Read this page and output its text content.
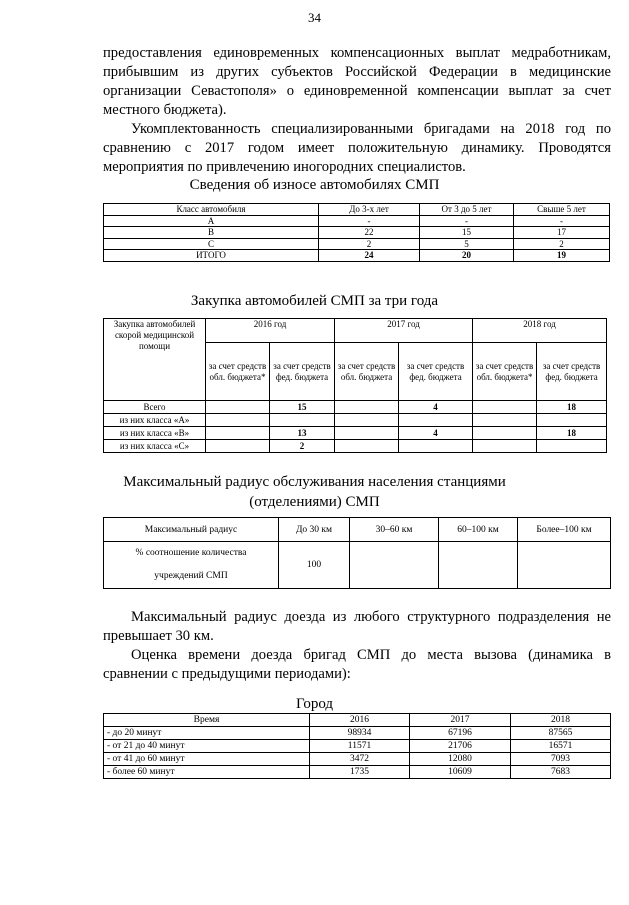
34

предоставления единовременных компенсационных выплат медработникам, прибывшим из других субъектов Российской Федерации в медицинские организации Севастополя» о единовременной компенсации выплат за счет местного бюджета).

Укомплектованность специализированными бригадами на 2018 год по сравнению с 2017 годом имеет положительную динамику. Проводятся мероприятия по привлечению иногородних специалистов.

Сведения об износе автомобилях СМП
Класс автомобиля	До 3-х лет	От 3 до 5 лет	Свыше 5 лет
А	-	-	-
В	22	15	17
С	2	5	2
ИТОГО	24	20	19
Закупка автомобилей СМП за три года
Закупка автомобилей скорой медицинской помощи	2016 год		2017 год		2018 год	
	за счет средств обл. бюджета*	за счет средств фед. бюджета	за счет средств обл. бюджета	за счет средств фед. бюджета	за счет средств обл. бюджета*	за счет средств фед. бюджета
Всего		15		4		18
из них класса «А»						
из них класса «В»		13		4		18
из них класса «С»		2				
Максимальный радиус обслуживания населения станциями
(отделениями) СМП
Максимальный радиус	До 30 км	30–60 км	60–100 км	Более–100 км

% соотношение количества
учреждений СМП	100			

Максимальный радиус доезда из любого структурного подразделения не превышает 30 км.

Оценка времени доезда бригад СМП до места вызова (динамика в сравнении с предыдущими периодами):

Город
Время	2016	2017	2018
- до 20 минут	98934	67196	87565
- от 21 до 40 минут	11571	21706	16571
- от 41 до 60 минут	3472	12080	7093
- более 60 минут	1735	10609	7683
